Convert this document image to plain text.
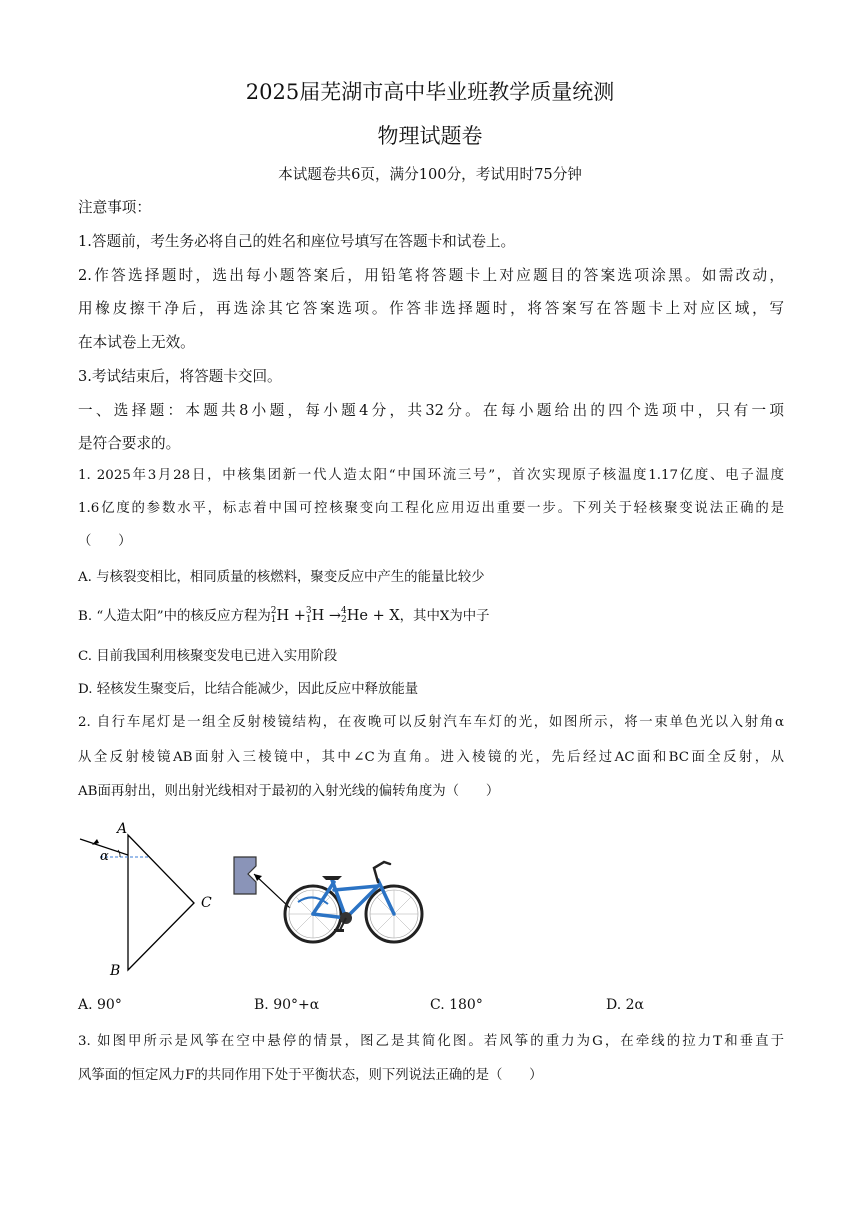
2025届芜湖市高中毕业班教学质量统测
物理试题卷
本试题卷共6页，满分100分，考试用时75分钟
注意事项：
1.答题前，考生务必将自己的姓名和座位号填写在答题卡和试卷上。
2.作答选择题时，选出每小题答案后，用铅笔将答题卡上对应题目的答案选项涂黑。如需改动，
用橡皮擦干净后，再选涂其它答案选项。作答非选择题时，将答案写在答题卡上对应区域，写
在本试卷上无效。
3.考试结束后，将答题卡交回。
一、选择题：本题共8小题，每小题4分，共32分。在每小题给出的四个选项中，只有一项
是符合要求的。
1. 2025年3月28日，中核集团新一代人造太阳“中国环流三号”，首次实现原子核温度1.17亿度、电子温度
1.6亿度的参数水平，标志着中国可控核聚变向工程化应用迈出重要一步。下列关于轻核聚变说法正确的是
（　　）
A. 与核裂变相比，相同质量的核燃料，聚变反应中产生的能量比较少
B. “人造太阳”中的核反应方程为 2
1 H + 3
1 H → 4
2 He + X，其中X为中子
C. 目前我国利用核聚变发电已进入实用阶段
D. 轻核发生聚变后，比结合能减少，因此反应中释放能量
2. 自行车尾灯是一组全反射棱镜结构，在夜晚可以反射汽车车灯的光，如图所示，将一束单色光以入射角α
从全反射棱镜AB面射入三棱镜中，其中∠C为直角。进入棱镜的光，先后经过AC面和BC面全反射，从
AB面再射出，则出射光线相对于最初的入射光线的偏转角度为（　　）
α
A
B
C
A. 90°	B. 90°+α	C. 180°	D. 2α
3. 如图甲所示是风筝在空中悬停的情景，图乙是其简化图。若风筝的重力为G，在牵线的拉力T和垂直于
风筝面的恒定风力F的共同作用下处于平衡状态，则下列说法正确的是（　　）
